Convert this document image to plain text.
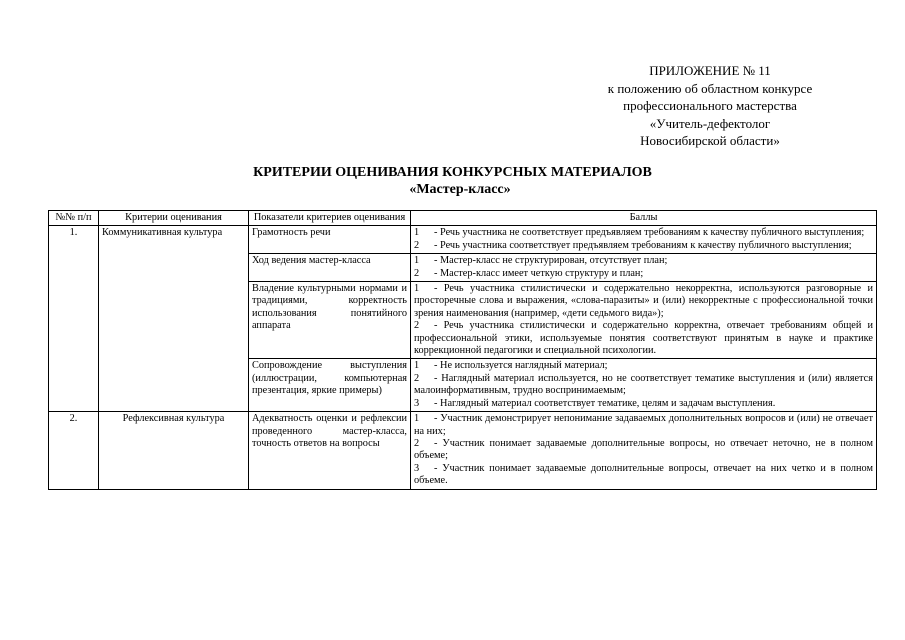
ПРИЛОЖЕНИЕ № 11
к положению об областном конкурсе
профессионального мастерства
«Учитель-дефектолог
Новосибирской области»
КРИТЕРИИ ОЦЕНИВАНИЯ КОНКУРСНЫХ МАТЕРИАЛОВ
«Мастер-класс»
№№ п/п	Критерии оценивания	Показатели критериев оценивания	Баллы
1.	Коммуникативная культура	Грамотность речи	1 - Речь участника не соответствует предъявляем требованиям к качеству публичного выступления;
2 - Речь участника соответствует предъявляем требованиям к качеству публичного выступления;

		Ход ведения мастер-класса	1 - Мастер-класс не структурирован, отсутствует план;
2 - Мастер-класс имеет четкую структуру и план;

		Владение культурными нормами и традициями, корректность использования понятийного аппарата	1 - Речь участника стилистически и содержательно некорректна, используются разговорные и просторечные слова и выражения, «слова-паразиты» и (или) некорректные с профессиональной точки зрения наименования (например, «дети седьмого вида»);
2 - Речь участника стилистически и содержательно корректна, отвечает требованиям общей и профессиональной этики, используемые понятия соответствуют принятым в науке и практике коррекционной педагогики и специальной психологии.

		Сопровождение выступления (иллюстрации, компьютерная презентация, яркие примеры)	1 - Не используется наглядный материал;
2 - Наглядный материал используется, но не соответствует тематике выступления и (или) является малоинформативным, трудно воспринимаемым;
3 - Наглядный материал соответствует тематике, целям и задачам выступления.

2.	Рефлексивная культура	Адекватность оценки и рефлексии проведенного мастер-класса, точность ответов на вопросы	1 - Участник демонстрирует непонимание задаваемых дополнительных вопросов и (или) не отвечает на них;
2 - Участник понимает задаваемые дополнительные вопросы, но отвечает неточно, не в полном объеме;
3 - Участник понимает задаваемые дополнительные вопросы, отвечает на них четко и в полном объеме.
